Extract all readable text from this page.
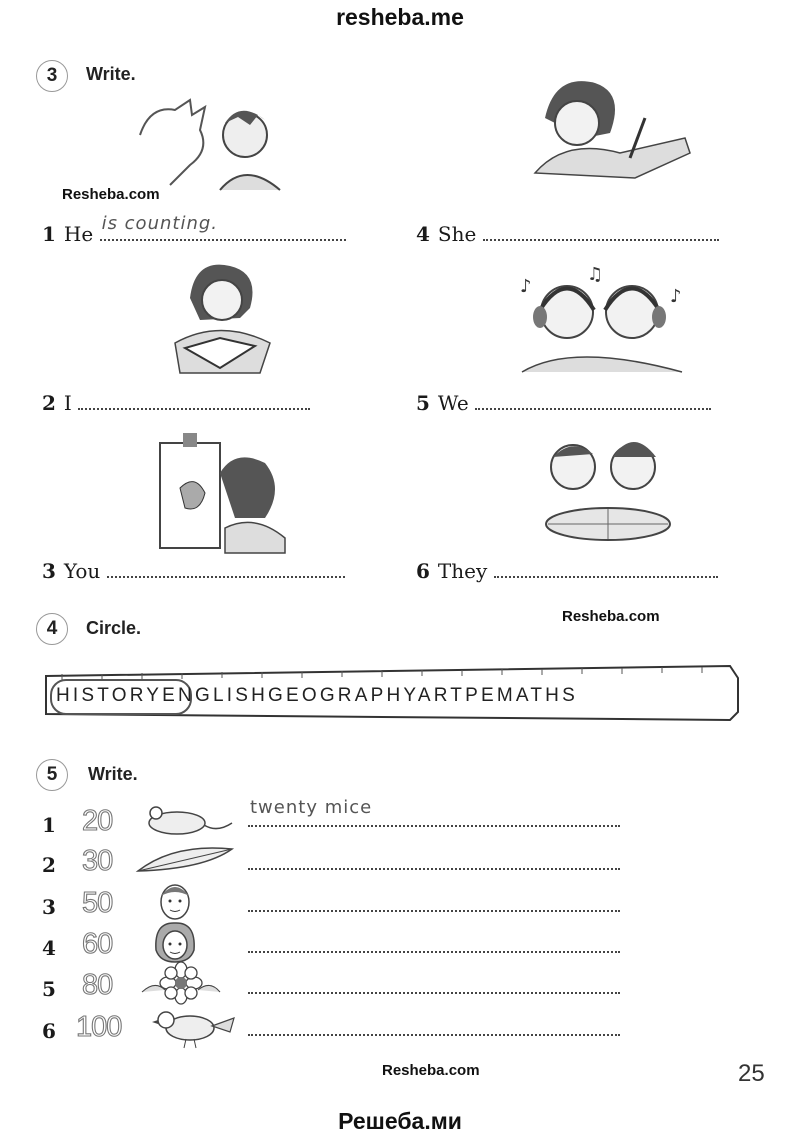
resheba.me
Решеба.ми
3	Write.
Resheba.com
1 He is counting.
2 I
3 You
4 She
5 We
6 They
♪
♫
♪
4	Circle.
Resheba.com
HISTORYENGLISHGEOGRAPHYARTPEMATHS
5	Write.
1 20	twenty mice
2 30
3 50
4 60
5 80
6 100
Resheba.com	25
